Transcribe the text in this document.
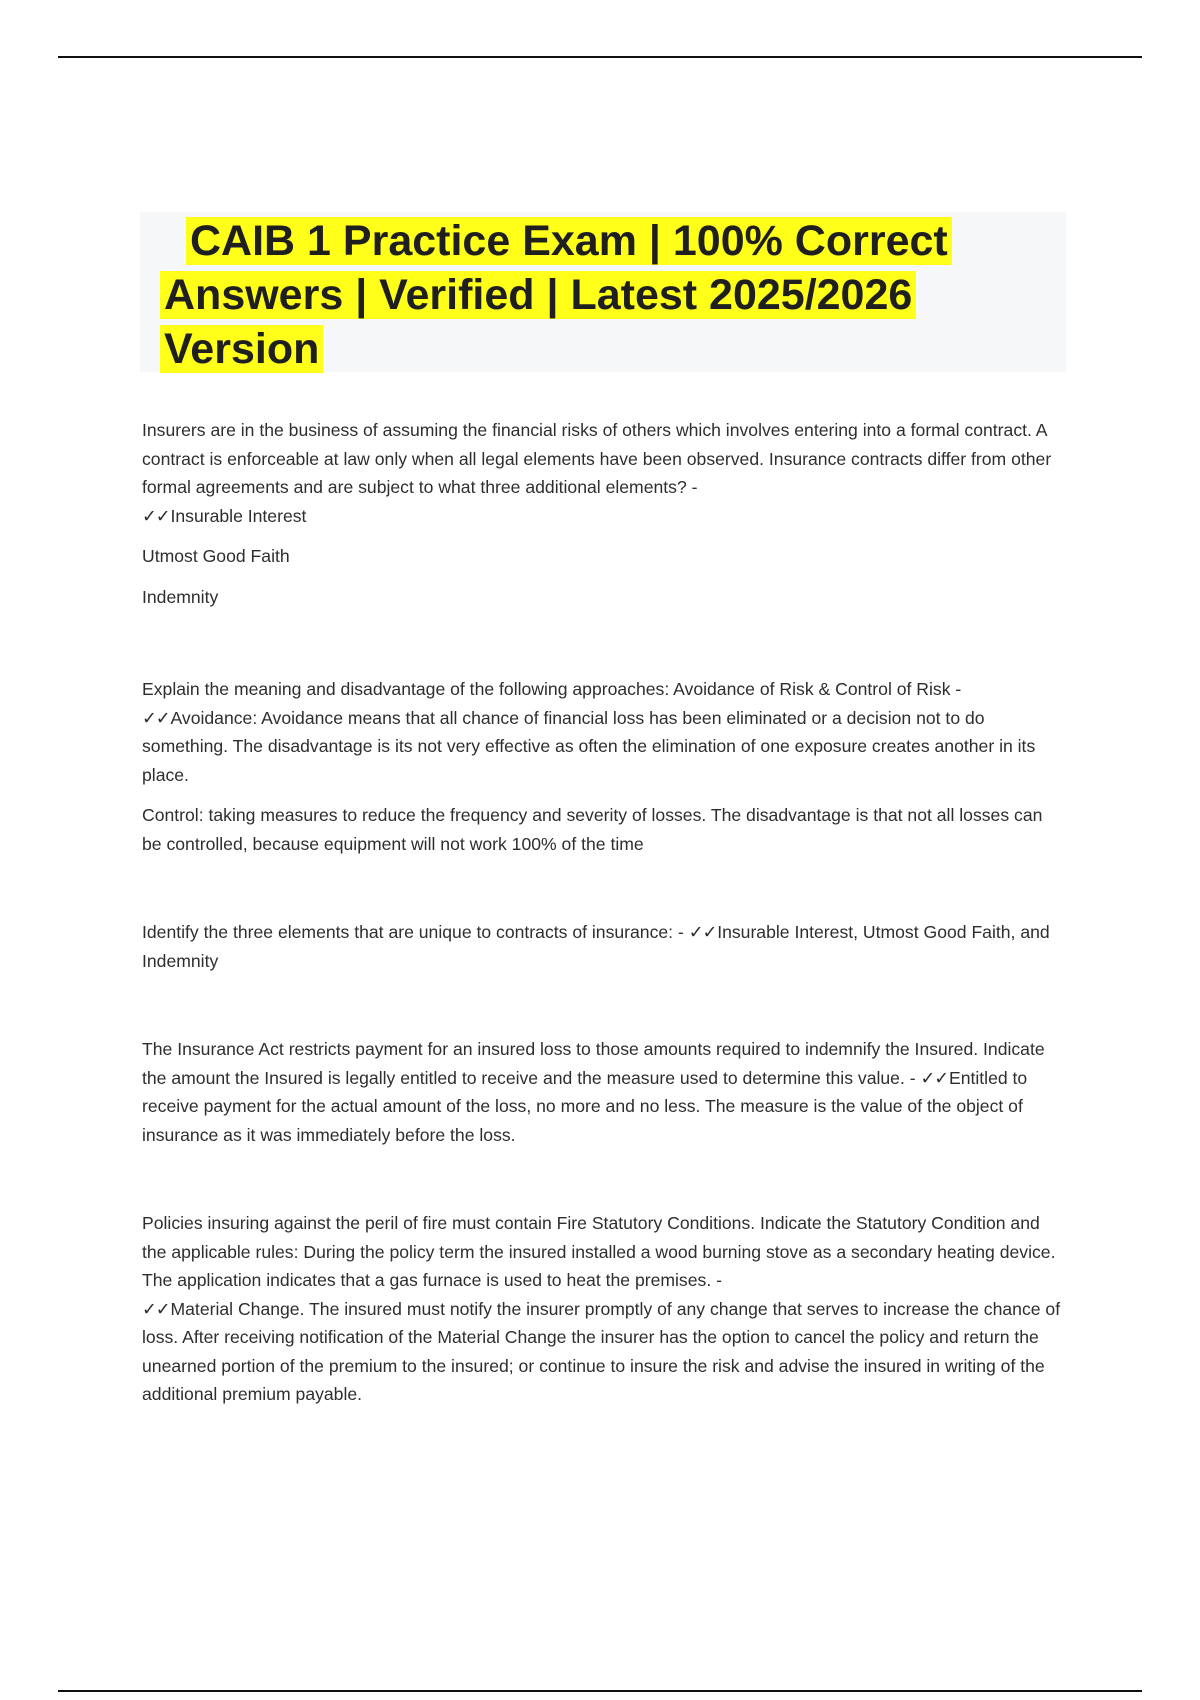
CAIB 1 Practice Exam | 100% Correct
Answers | Verified | Latest 2025/2026
Version

Insurers are in the business of assuming the financial risks of others which involves entering into a formal contract. A contract is enforceable at law only when all legal elements have been observed. Insurance contracts differ from other formal agreements and are subject to what three additional elements? -
✓✓Insurable Interest

Utmost Good Faith

Indemnity

Explain the meaning and disadvantage of the following approaches: Avoidance of Risk & Control of Risk -
✓✓Avoidance: Avoidance means that all chance of financial loss has been eliminated or a decision not to do something. The disadvantage is its not very effective as often the elimination of one exposure creates another in its place.

Control: taking measures to reduce the frequency and severity of losses. The disadvantage is that not all losses can be controlled, because equipment will not work 100% of the time

Identify the three elements that are unique to contracts of insurance: - ✓✓Insurable Interest, Utmost Good Faith, and Indemnity

The Insurance Act restricts payment for an insured loss to those amounts required to indemnify the Insured. Indicate the amount the Insured is legally entitled to receive and the measure used to determine this value. - ✓✓Entitled to receive payment for the actual amount of the loss, no more and no less. The measure is the value of the object of insurance as it was immediately before the loss.

Policies insuring against the peril of fire must contain Fire Statutory Conditions. Indicate the Statutory Condition and the applicable rules: During the policy term the insured installed a wood burning stove as a secondary heating device. The application indicates that a gas furnace is used to heat the premises. -
✓✓Material Change. The insured must notify the insurer promptly of any change that serves to increase the chance of loss. After receiving notification of the Material Change the insurer has the option to cancel the policy and return the unearned portion of the premium to the insured; or continue to insure the risk and advise the insured in writing of the additional premium payable.
